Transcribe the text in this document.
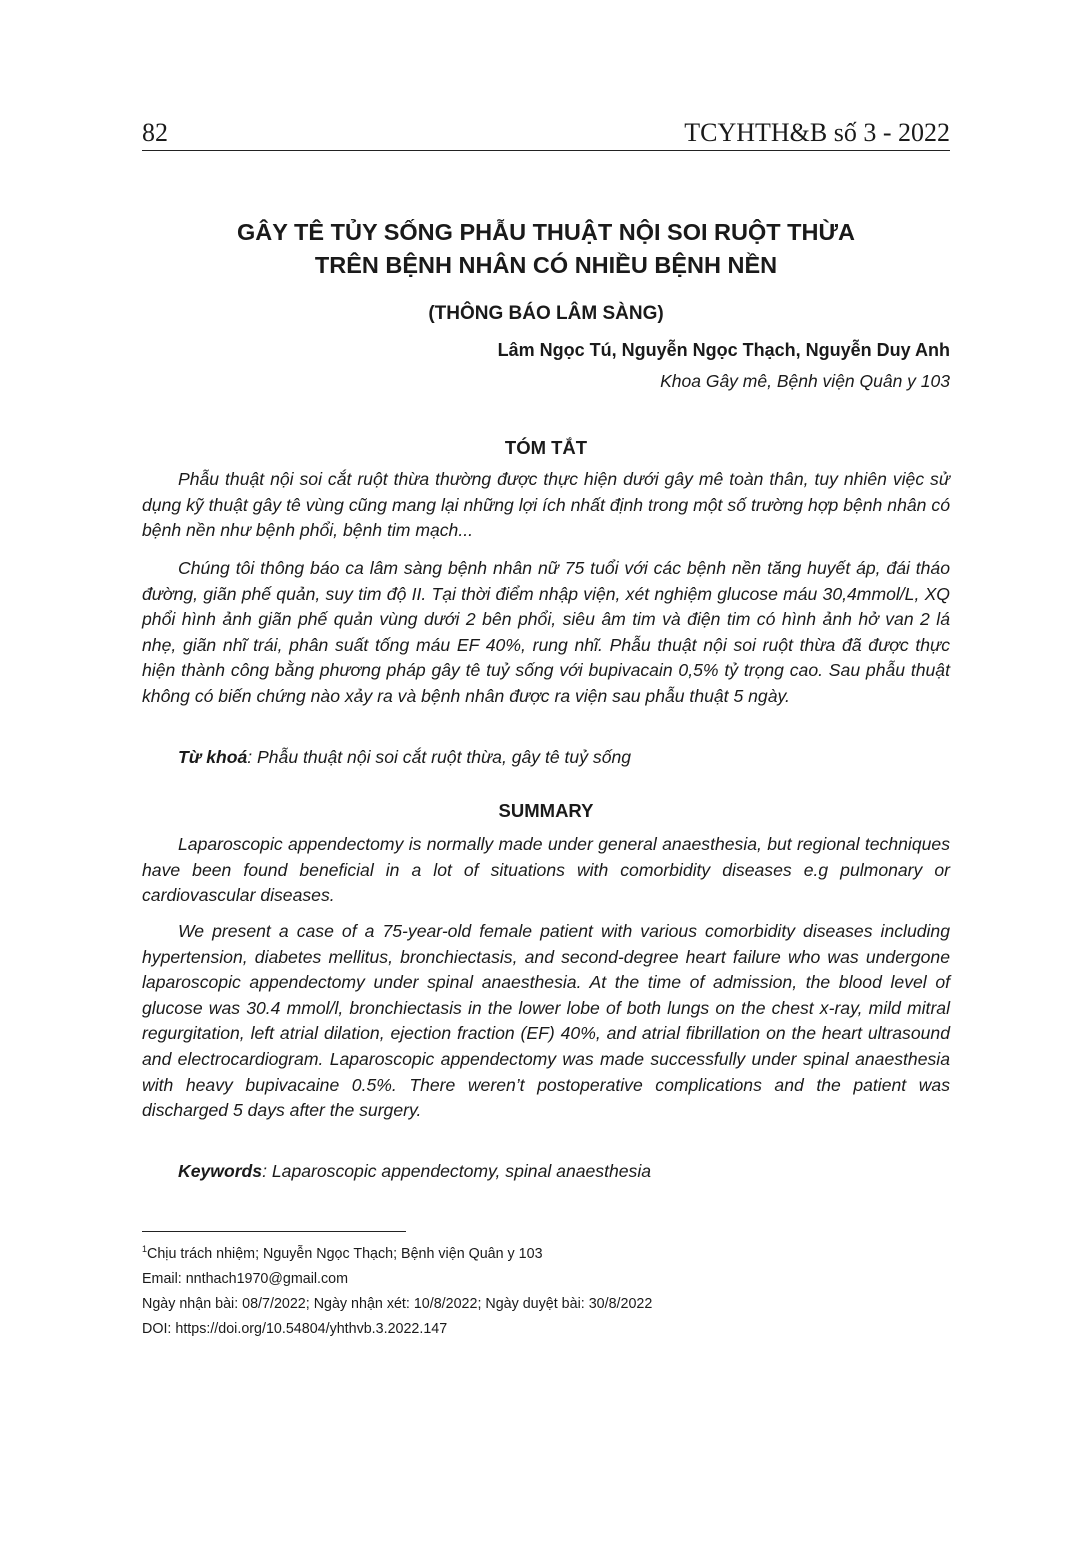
82	TCYHTH&B số 3 - 2022
GÂY TÊ TỦY SỐNG PHẪU THUẬT NỘI SOI RUỘT THỪA
TRÊN BỆNH NHÂN CÓ NHIỀU BỆNH NỀN
(THÔNG BÁO LÂM SÀNG)
Lâm Ngọc Tú, Nguyễn Ngọc Thạch, Nguyễn Duy Anh
Khoa Gây mê, Bệnh viện Quân y 103
TÓM TẮT

Phẫu thuật nội soi cắt ruột thừa thường được thực hiện dưới gây mê toàn thân, tuy nhiên việc sử dụng kỹ thuật gây tê vùng cũng mang lại những lợi ích nhất định trong một số trường hợp bệnh nhân có bệnh nền như bệnh phổi, bệnh tim mạch...

Chúng tôi thông báo ca lâm sàng bệnh nhân nữ 75 tuổi với các bệnh nền tăng huyết áp, đái tháo đường, giãn phế quản, suy tim độ II. Tại thời điểm nhập viện, xét nghiệm glucose máu 30,4mmol/L, XQ phổi hình ảnh giãn phế quản vùng dưới 2 bên phổi, siêu âm tim và điện tim có hình ảnh hở van 2 lá nhẹ, giãn nhĩ trái, phân suất tống máu EF 40%, rung nhĩ. Phẫu thuật nội soi ruột thừa đã được thực hiện thành công bằng phương pháp gây tê tuỷ sống với bupivacain 0,5% tỷ trọng cao. Sau phẫu thuật không có biến chứng nào xảy ra và bệnh nhân được ra viện sau phẫu thuật 5 ngày.

Từ khoá: Phẫu thuật nội soi cắt ruột thừa, gây tê tuỷ sống
SUMMARY

Laparoscopic appendectomy is normally made under general anaesthesia, but regional techniques have been found beneficial in a lot of situations with comorbidity diseases e.g pulmonary or cardiovascular diseases.

We present a case of a 75-year-old female patient with various comorbidity diseases including hypertension, diabetes mellitus, bronchiectasis, and second-degree heart failure who was undergone laparoscopic appendectomy under spinal anaesthesia. At the time of admission, the blood level of glucose was 30.4 mmol/l, bronchiectasis in the lower lobe of both lungs on the chest x-ray, mild mitral regurgitation, left atrial dilation, ejection fraction (EF) 40%, and atrial fibrillation on the heart ultrasound and electrocardiogram. Laparoscopic appendectomy was made successfully under spinal anaesthesia with heavy bupivacaine 0.5%. There weren’t postoperative complications and the patient was discharged 5 days after the surgery.

Keywords: Laparoscopic appendectomy, spinal anaesthesia
$^1$Chịu trách nhiệm; Nguyễn Ngọc Thạch; Bệnh viện Quân y 103
Email: nnthach1970@gmail.com
Ngày nhận bài: 08/7/2022; Ngày nhận xét: 10/8/2022; Ngày duyệt bài: 30/8/2022
DOI: https://doi.org/10.54804/yhthvb.3.2022.147
